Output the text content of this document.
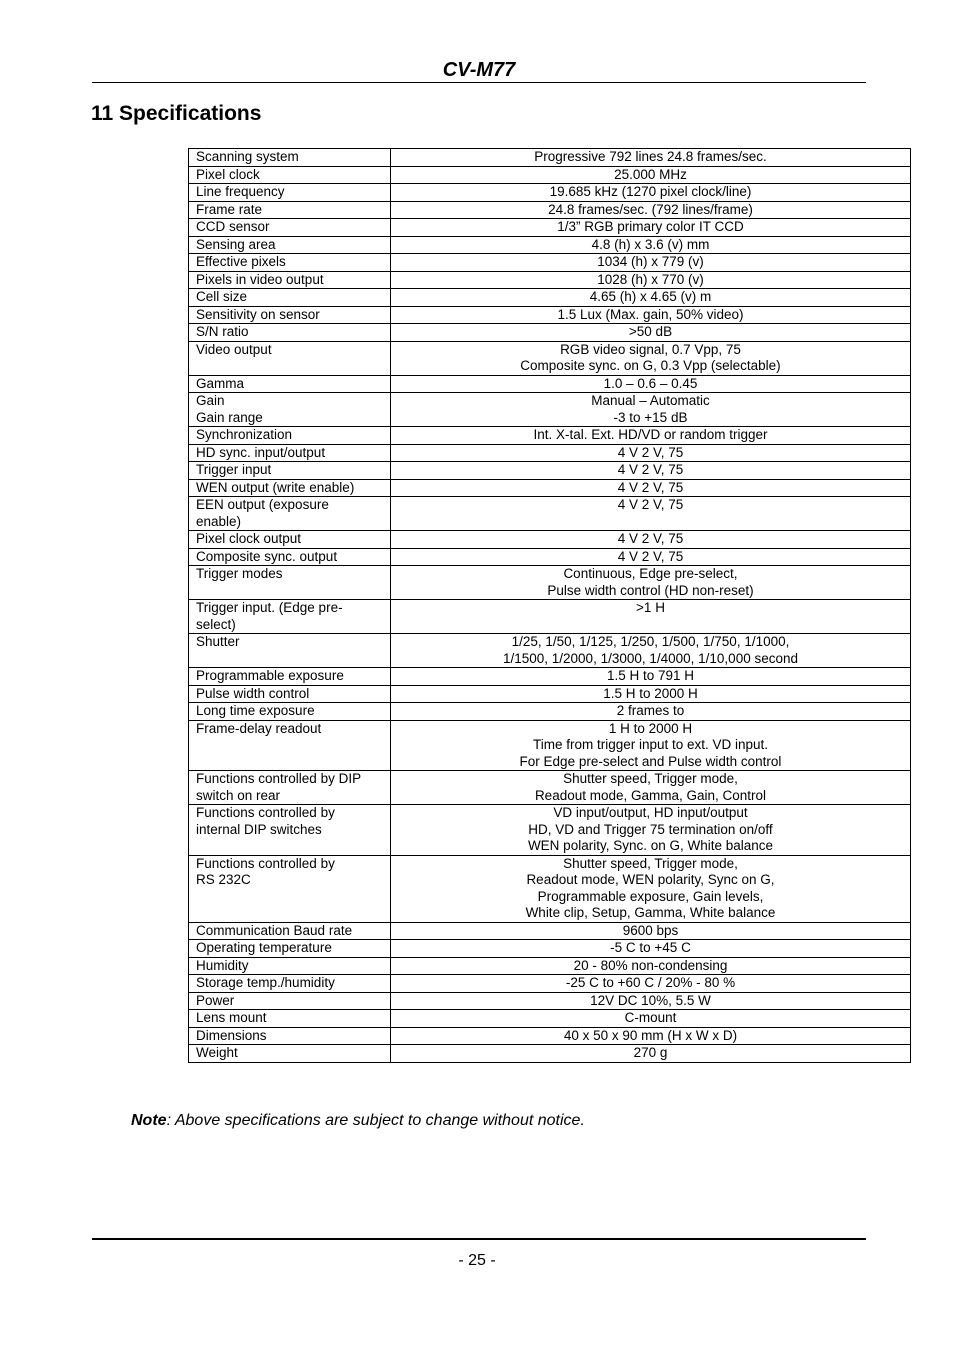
CV-M77
11 Specifications
Scanning system	Progressive 792 lines 24.8 frames/sec.
Pixel clock	25.000 MHz
Line frequency	19.685 kHz (1270 pixel clock/line)
Frame rate	24.8 frames/sec. (792 lines/frame)
CCD sensor	1/3” RGB primary color IT CCD
Sensing area	4.8 (h) x 3.6 (v) mm
Effective pixels	1034 (h) x 779 (v)
Pixels in video output	1028 (h) x 770 (v)
Cell size	4.65 (h) x 4.65 (v) m
Sensitivity on sensor	1.5 Lux (Max. gain, 50% video)
S/N ratio	>50 dB
Video output	RGB video signal, 0.7 Vpp, 75
Composite sync. on G, 0.3 Vpp (selectable)
Gamma	1.0 – 0.6 – 0.45
Gain
Gain range	Manual – Automatic
-3 to +15 dB
Synchronization	Int. X-tal. Ext. HD/VD or random trigger
HD sync. input/output	4 V 2 V, 75
Trigger input	4 V 2 V, 75
WEN output (write enable)	4 V 2 V, 75
EEN output (exposure
enable)	4 V 2 V, 75
Pixel clock output	4 V 2 V, 75
Composite sync. output	4 V 2 V, 75
Trigger modes	Continuous, Edge pre-select,
Pulse width control (HD non-reset)
Trigger input. (Edge pre-
select)	>1 H
Shutter	1/25, 1/50, 1/125, 1/250, 1/500, 1/750, 1/1000,
1/1500, 1/2000, 1/3000, 1/4000, 1/10,000 second
Programmable exposure	1.5 H to 791 H
Pulse width control	1.5 H to 2000 H
Long time exposure	2 frames to
Frame-delay readout	1 H to 2000 H
Time from trigger input to ext. VD input.
For Edge pre-select and Pulse width control
Functions controlled by DIP
switch on rear	Shutter speed, Trigger mode,
Readout mode, Gamma, Gain, Control
Functions controlled by
internal DIP switches	VD input/output, HD input/output
HD, VD and Trigger 75 termination on/off
WEN polarity, Sync. on G, White balance
Functions controlled by
RS 232C	Shutter speed, Trigger mode,
Readout mode, WEN polarity, Sync on G,
Programmable exposure, Gain levels,
White clip, Setup, Gamma, White balance
Communication Baud rate	9600 bps
Operating temperature	-5 C to +45 C
Humidity	20 - 80% non-condensing
Storage temp./humidity	-25 C to +60 C / 20% - 80 %
Power	12V DC 10%, 5.5 W
Lens mount	C-mount
Dimensions	40 x 50 x 90 mm (H x W x D)
Weight	270 g
Note: Above specifications are subject to change without notice.
- 25 -
